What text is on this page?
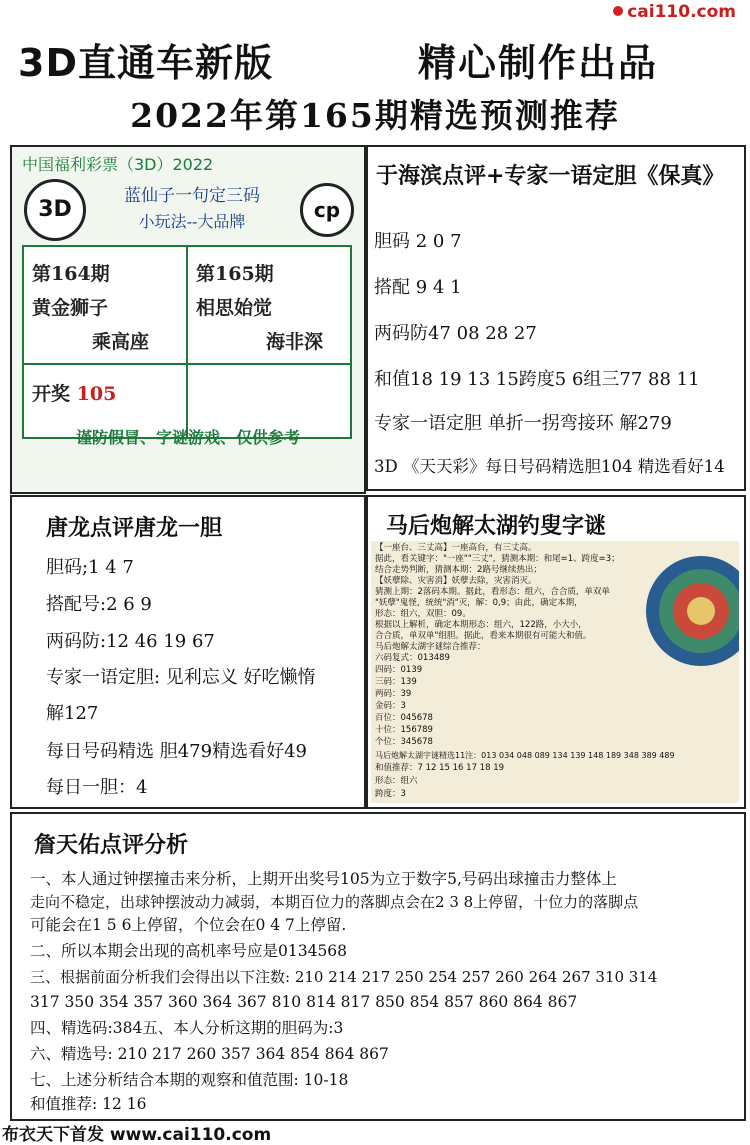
cai110.com
3D直通车新版	精心制作出品
2022年第165期精选预测推荐
中国福利彩票（3D）2022
3D
蓝仙子一句定三码
小玩法--大品牌	cp
第164期
黄金狮子
乘高座
第165期
相思始觉
海非深
开奖 105
谨防假冒、字谜游戏、仅供参考
于海滨点评+专家一语定胆《保真》
胆码 2 0 7
搭配 9 4 1
两码防47 08 28 27
和值18 19 13 15跨度5 6组三77 88 11
专家一语定胆 单折一拐弯接环 解279
3D 《天天彩》每日号码精选胆104 精选看好14
唐龙点评唐龙一胆
胆码;1 4 7
搭配号:2 6 9
两码防:12 46 19 67
专家一语定胆: 见利忘义 好吃懒惰
解127
每日号码精选 胆479精选看好49
每日一胆：4
马后炮解太湖钓叟字谜
【一座台、三丈高】一座高台，有三丈高。
据此，看关键字："一座""三丈"，猜测本期：和尾=1、跨度=3；
结合走势判断，猜测本期：2路号继续热出；
【妖孽除、灾害消】妖孽去除，灾害消灭。
猜测上期：2落码本期。据此，看形态：组六，合合质，单双单
"妖孽"鬼怪，统统"消"灭，解：0,9；由此，确定本期，
形态：组六，双胆：09。
根据以上解析，确定本期形态：组六，122路，小大小，
合合质，单双单"组胆。据此，看来本期很有可能大和值。
马后炮解太湖字谜综合推荐：
六码复式：013489
四码：0139
三码：139
两码：39
金码：3
百位：045678
十位：156789
个位：345678
马后炮解太湖字谜精选11注：013 034 048 089 134 139 148 189 348 389 489
和值推荐：7 12 15 16 17 18 19
形态：组六
跨度：3
詹天佑点评分析
一、本人通过钟摆撞击来分析，上期开出奖号105为立于数字5,号码出球撞击力整体上
走向不稳定，出球钟摆波动力减弱，本期百位力的落脚点会在2 3 8上停留，十位力的落脚点
可能会在1 5 6上停留，个位会在0 4 7上停留.
二、所以本期会出现的高机率号应是0134568
三、根据前面分析我们会得出以下注数: 210 214 217 250 254 257 260 264 267 310 314
317 350 354 357 360 364 367 810 814 817 850 854 857 860 864 867
四、精选码:384五、本人分析这期的胆码为:3
六、精选号: 210 217 260 357 364 854 864 867
七、上述分析结合本期的观察和值范围: 10-18
和值推荐: 12 16
布衣天下首发 www.cai110.com
